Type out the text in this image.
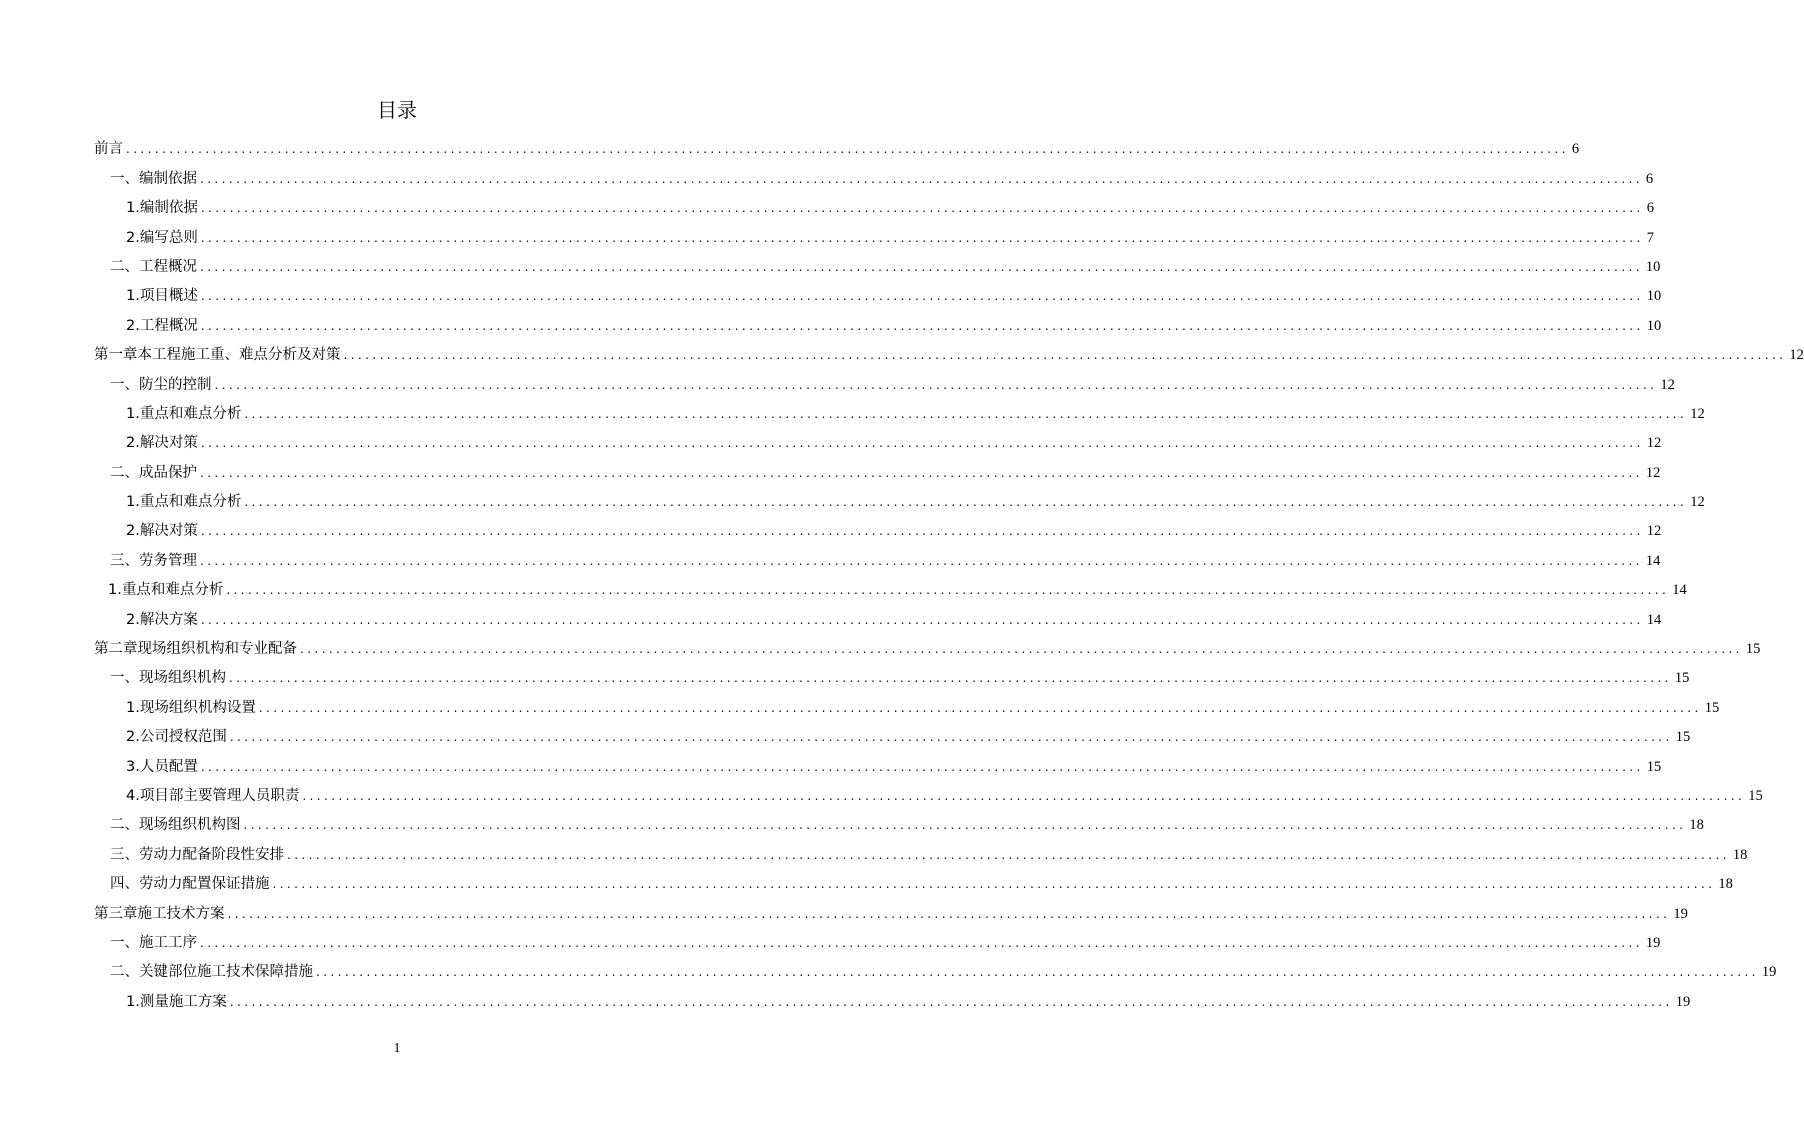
目录
前言 ........................................................................................................................................................................................................ 6
一、编制依据 ........................................................................................................................................................................................................ 6
1.编制依据 ........................................................................................................................................................................................................ 6
2.编写总则 ........................................................................................................................................................................................................ 7
二、工程概况 ........................................................................................................................................................................................................ 10
1.项目概述 ........................................................................................................................................................................................................ 10
2.工程概况 ........................................................................................................................................................................................................ 10
第一章本工程施工重、难点分析及对策 ........................................................................................................................................................................................................ 12
一、防尘的控制 ........................................................................................................................................................................................................ 12
1.重点和难点分析 ........................................................................................................................................................................................................ 12
2.解决对策 ........................................................................................................................................................................................................ 12
二、成品保护 ........................................................................................................................................................................................................ 12
1.重点和难点分析 ........................................................................................................................................................................................................ 12
2.解决对策 ........................................................................................................................................................................................................ 12
三、劳务管理 ........................................................................................................................................................................................................ 14
1.重点和难点分析 ........................................................................................................................................................................................................ 14
2.解决方案 ........................................................................................................................................................................................................ 14
第二章现场组织机构和专业配备 ........................................................................................................................................................................................................ 15
一、现场组织机构 ........................................................................................................................................................................................................ 15
1.现场组织机构设置 ........................................................................................................................................................................................................ 15
2.公司授权范围 ........................................................................................................................................................................................................ 15
3.人员配置 ........................................................................................................................................................................................................ 15
4.项目部主要管理人员职责 ........................................................................................................................................................................................................ 15
二、现场组织机构图 ........................................................................................................................................................................................................ 18
三、劳动力配备阶段性安排 ........................................................................................................................................................................................................ 18
四、劳动力配置保证措施 ........................................................................................................................................................................................................ 18
第三章施工技术方案 ........................................................................................................................................................................................................ 19
一、施工工序 ........................................................................................................................................................................................................ 19
二、关键部位施工技术保障措施 ........................................................................................................................................................................................................ 19
1.测量施工方案 ........................................................................................................................................................................................................ 19
1
